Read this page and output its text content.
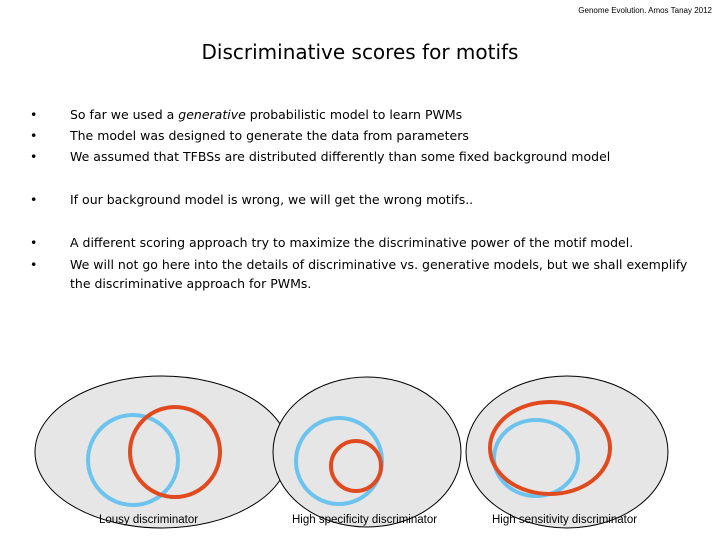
Genome Evolution. Amos Tanay 2012
Discriminative scores for motifs
•	So far we used a generative probabilistic model to learn PWMs
•	The model was designed to generate the data from parameters
•	We assumed that TFBSs are distributed differently than some fixed background model
•	If our background model is wrong, we will get the wrong motifs..
•	A different scoring approach try to maximize the discriminative power of the motif model.
•	We will not go here into the details of discriminative vs. generative models, but we shall exemplify the discriminative approach for PWMs.
Lousy discriminator	High specificity discriminator	High sensitivity discriminator
